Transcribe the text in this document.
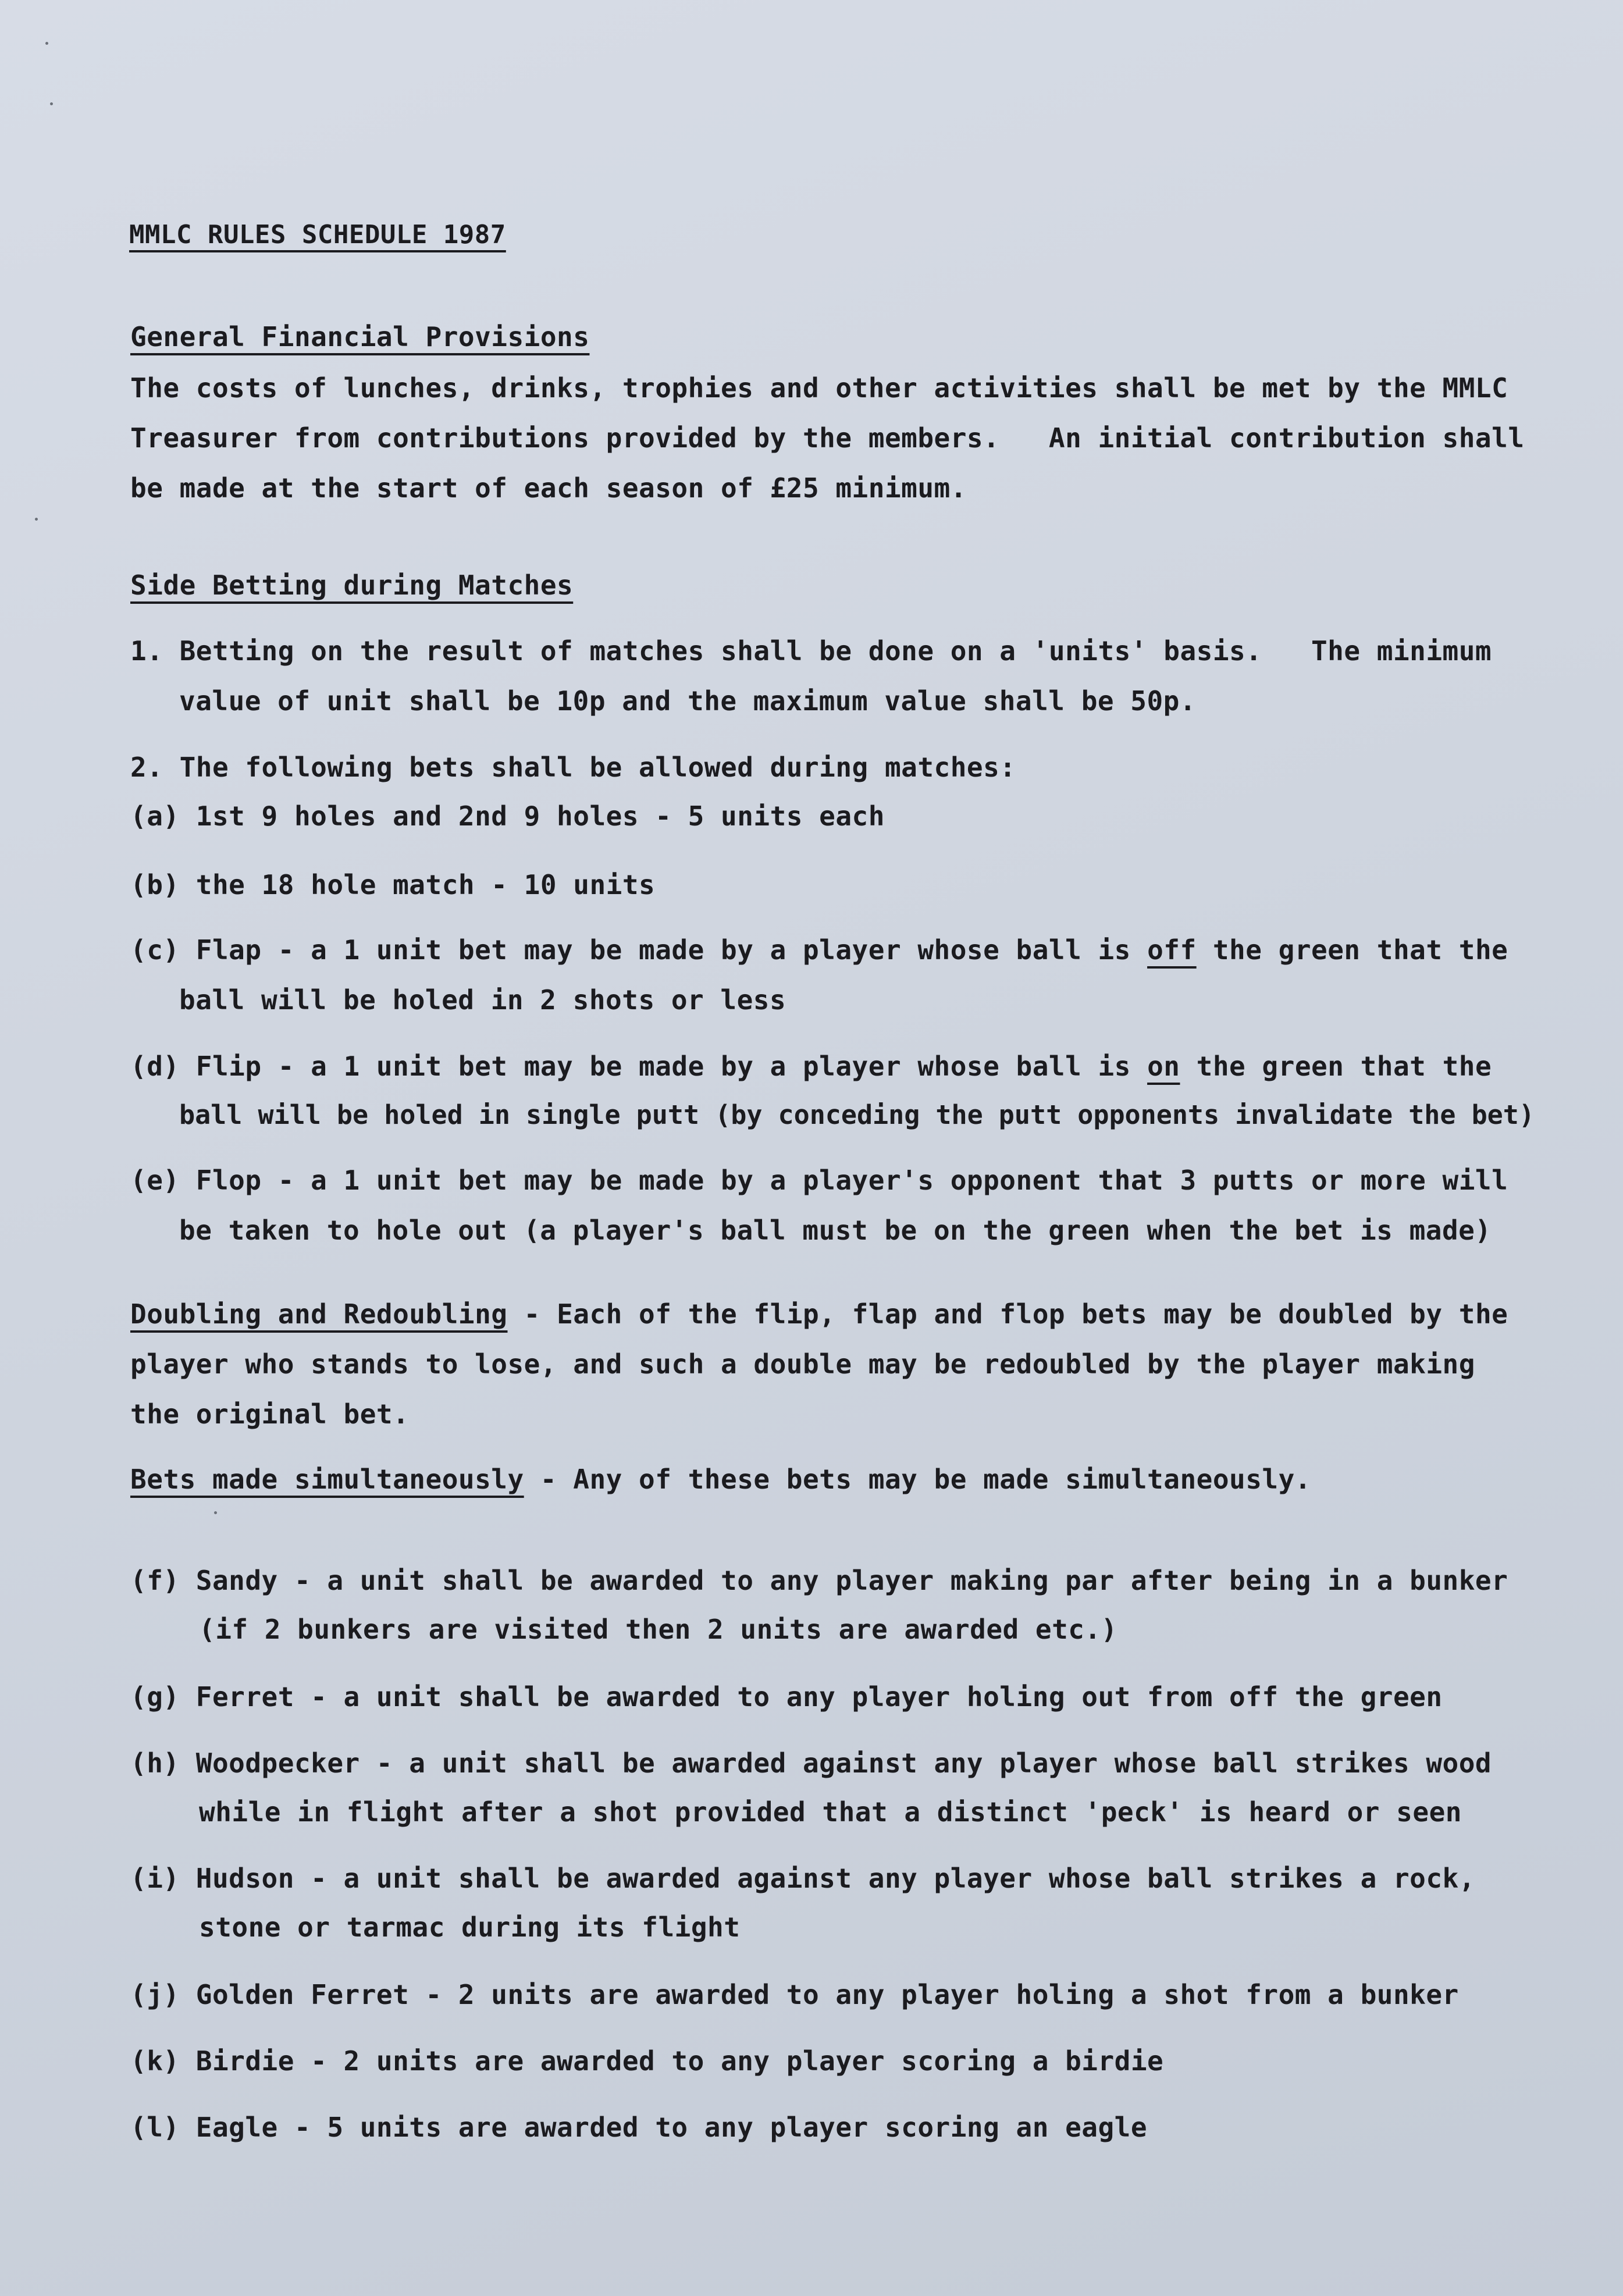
MMLC RULES SCHEDULE 1987
General Financial Provisions
The costs of lunches, drinks, trophies and other activities shall be met by the MMLC
Treasurer from contributions provided by the members.   An initial contribution shall
be made at the start of each season of £25 minimum.
Side Betting during Matches
1. Betting on the result of matches shall be done on a 'units' basis.   The minimum
value of unit shall be 10p and the maximum value shall be 50p.
2. The following bets shall be allowed during matches:
(a) 1st 9 holes and 2nd 9 holes - 5 units each
(b) the 18 hole match - 10 units
(c) Flap - a 1 unit bet may be made by a player whose ball is off the green that the
ball will be holed in 2 shots or less
(d) Flip - a 1 unit bet may be made by a player whose ball is on the green that the
ball will be holed in single putt (by conceding the putt opponents invalidate the bet)
(e) Flop - a 1 unit bet may be made by a player's opponent that 3 putts or more will
be taken to hole out (a player's ball must be on the green when the bet is made)
Doubling and Redoubling - Each of the flip, flap and flop bets may be doubled by the
player who stands to lose, and such a double may be redoubled by the player making
the original bet.
Bets made simultaneously - Any of these bets may be made simultaneously.
(f) Sandy - a unit shall be awarded to any player making par after being in a bunker
(if 2 bunkers are visited then 2 units are awarded etc.)
(g) Ferret - a unit shall be awarded to any player holing out from off the green
(h) Woodpecker - a unit shall be awarded against any player whose ball strikes wood
while in flight after a shot provided that a distinct 'peck' is heard or seen
(i) Hudson - a unit shall be awarded against any player whose ball strikes a rock,
stone or tarmac during its flight
(j) Golden Ferret - 2 units are awarded to any player holing a shot from a bunker
(k) Birdie - 2 units are awarded to any player scoring a birdie
(l) Eagle - 5 units are awarded to any player scoring an eagle
